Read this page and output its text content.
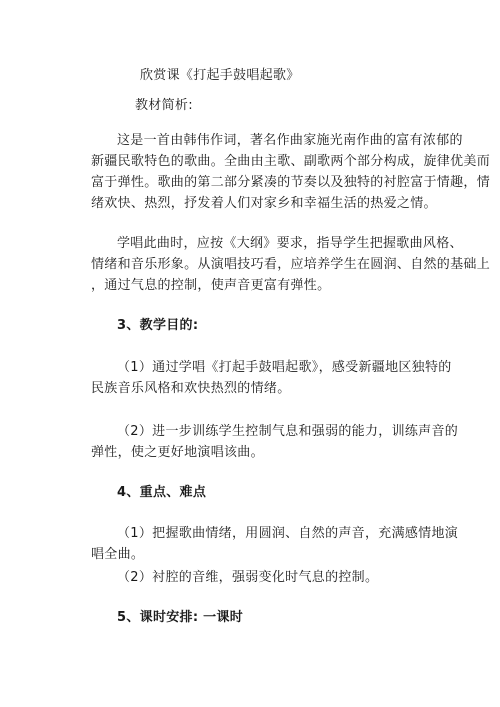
欣赏课《打起手鼓唱起歌》
教材简析:
这是一首由韩伟作词，著名作曲家施光南作曲的富有浓郁的
新疆民歌特色的歌曲。全曲由主歌、副歌两个部分构成，旋律优美而
富于弹性。歌曲的第二部分紧凑的节奏以及独特的衬腔富于情趣，情
绪欢快、热烈，抒发着人们对家乡和幸福生活的热爱之情。
学唱此曲时，应按《大纲》要求，指导学生把握歌曲风格、
情绪和音乐形象。从演唱技巧看，应培养学生在圆润、自然的基础上
，通过气息的控制，使声音更富有弹性。
3、教学目的:
（1）通过学唱《打起手鼓唱起歌》，感受新疆地区独特的
民族音乐风格和欢快热烈的情绪。
（2）进一步训练学生控制气息和强弱的能力，训练声音的
弹性，使之更好地演唱该曲。
4、重点、难点
（1）把握歌曲情绪，用圆润、自然的声音，充满感情地演
唱全曲。
（2）衬腔的音维，强弱变化时气息的控制。
5、课时安排: 一课时
